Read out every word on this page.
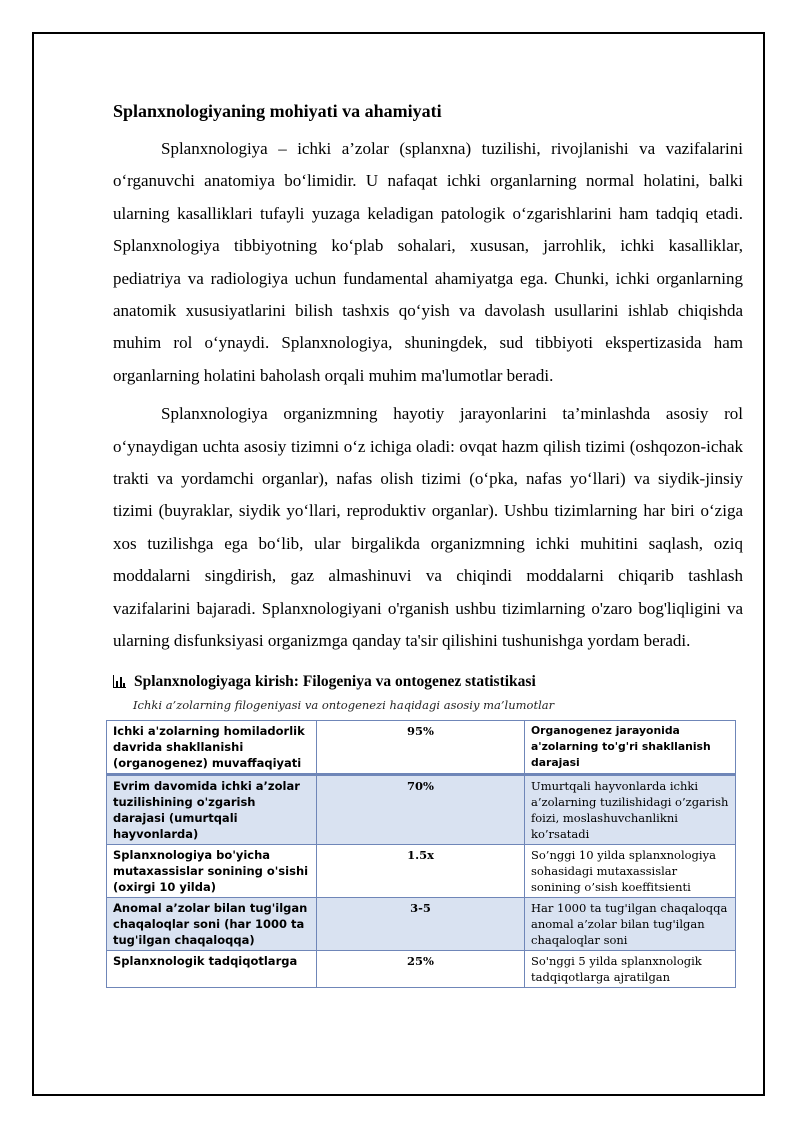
Splanxnologiyaning mohiyati va ahamiyati

Splanxnologiya – ichki a’zolar (splanxna) tuzilishi, rivojlanishi va vazifalarini o‘rganuvchi anatomiya bo‘limidir. U nafaqat ichki organlarning normal holatini, balki ularning kasalliklari tufayli yuzaga keladigan patologik o‘zgarishlarini ham tadqiq etadi. Splanxnologiya tibbiyotning ko‘plab sohalari, xususan, jarrohlik, ichki kasalliklar, pediatriya va radiologiya uchun fundamental ahamiyatga ega. Chunki, ichki organlarning anatomik xususiyatlarini bilish tashxis qo‘yish va davolash usullarini ishlab chiqishda muhim rol o‘ynaydi. Splanxnologiya, shuningdek, sud tibbiyoti ekspertizasida ham organlarning holatini baholash orqali muhim ma'lumotlar beradi.

Splanxnologiya organizmning hayotiy jarayonlarini ta’minlashda asosiy rol o‘ynaydigan uchta asosiy tizimni o‘z ichiga oladi: ovqat hazm qilish tizimi (oshqozon-ichak trakti va yordamchi organlar), nafas olish tizimi (o‘pka, nafas yo‘llari) va siydik-jinsiy tizimi (buyraklar, siydik yo‘llari, reproduktiv organlar). Ushbu tizimlarning har biri o‘ziga xos tuzilishga ega bo‘lib, ular birgalikda organizmning ichki muhitini saqlash, oziq moddalarni singdirish, gaz almashinuvi va chiqindi moddalarni chiqarib tashlash vazifalarini bajaradi. Splanxnologiyani o'rganish ushbu tizimlarning o'zaro bog'liqligini va ularning disfunksiyasi organizmga qanday ta'sir qilishini tushunishga yordam beradi.

Splanxnologiyaga kirish: Filogeniya va ontogenez statistikasi
Ichki a’zolarning filogeniyasi va ontogenezi haqidagi asosiy ma’lumotlar
Ichki a'zolarning homiladorlik davrida shakllanishi (organogenez) muvaffaqiyati	95%	Organogenez jarayonida a'zolarning to'g'ri shakllanish darajasi
Evrim davomida ichki a’zolar tuzilishining o'zgarish darajasi (umurtqali hayvonlarda)	70%	Umurtqali hayvonlarda ichki a’zolarning tuzilishidagi o’zgarish foizi, moslashuvchanlikni ko’rsatadi
Splanxnologiya bo'yicha mutaxassislar sonining o'sishi (oxirgi 10 yilda)	1.5x	So’nggi 10 yilda splanxnologiya sohasidagi mutaxassislar sonining o’sish koeffitsienti
Anomal a’zolar bilan tug'ilgan chaqaloqlar soni (har 1000 ta tug'ilgan chaqaloqqa)	3-5	Har 1000 ta tug'ilgan chaqaloqqa anomal a’zolar bilan tug'ilgan chaqaloqlar soni
Splanxnologik tadqiqotlarga	25%	So'nggi 5 yilda splanxnologik tadqiqotlarga ajratilgan
